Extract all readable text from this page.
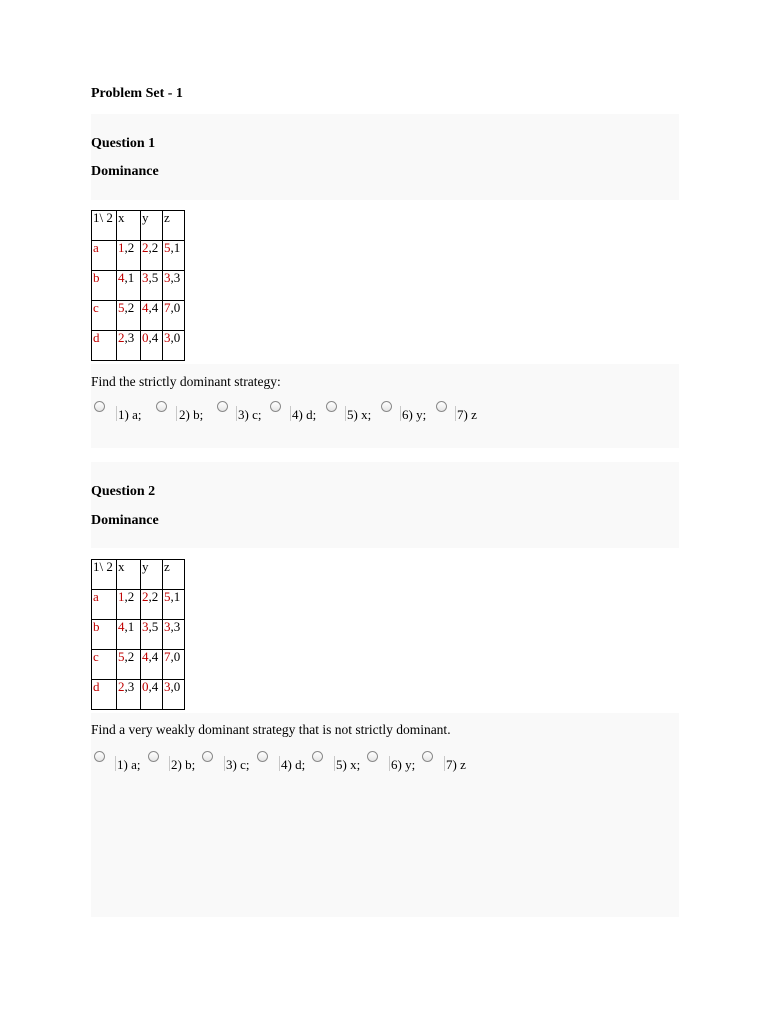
Problem Set - 1
Question 1
Dominance
1\ 2	x	y	z
a	1,2	2,2	5,1
b	4,1	3,5	3,3
c	5,2	4,4	7,0
d	2,3	0,4	3,0
Find the strictly dominant strategy:
1) a;	2) b;	3) c; 4) d; 5) x; 6) y; 7) z
Question 2
Dominance
1\ 2	x	y	z
a	1,2	2,2	5,1
b	4,1	3,5	3,3
c	5,2	4,4	7,0
d	2,3	0,4	3,0
Find a very weakly dominant strategy that is not strictly dominant.
1) a; 2) b; 3) c; 4) d; 5) x; 6) y; 7) z
